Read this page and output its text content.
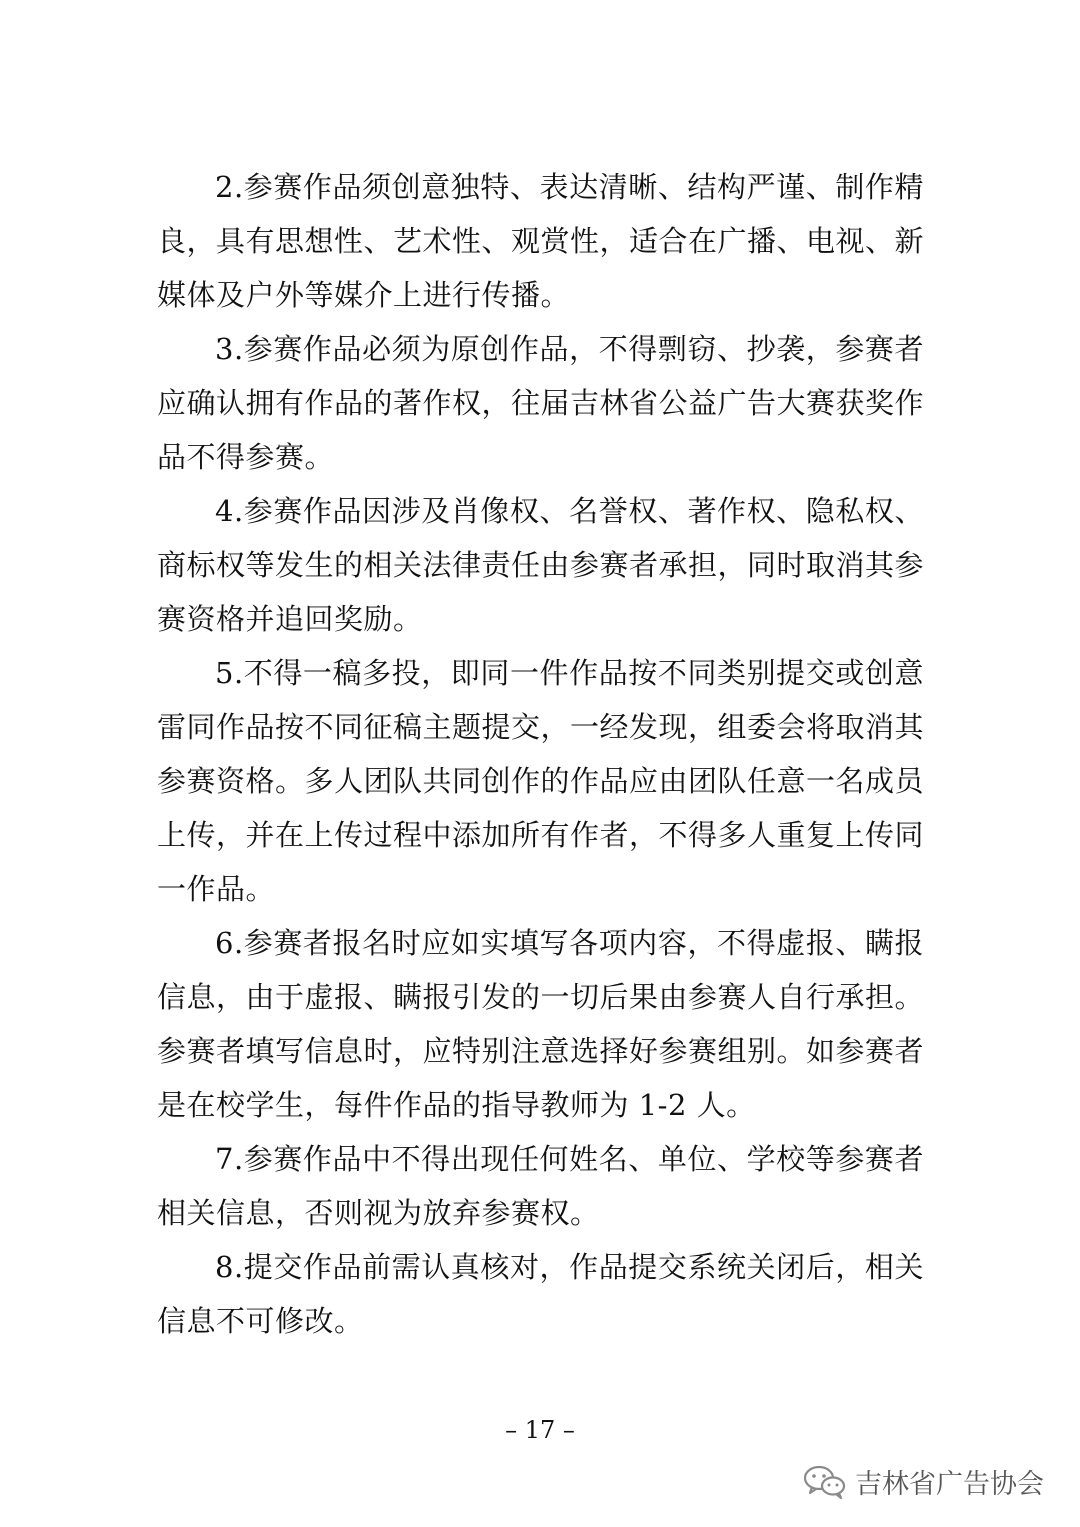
2.参赛作品须创意独特、表达清晰、结构严谨、制作精良，具有思想性、艺术性、观赏性，适合在广播、电视、新媒体及户外等媒介上进行传播。

3.参赛作品必须为原创作品，不得剽窃、抄袭，参赛者应确认拥有作品的著作权，往届吉林省公益广告大赛获奖作品不得参赛。

4.参赛作品因涉及肖像权、名誉权、著作权、隐私权、商标权等发生的相关法律责任由参赛者承担，同时取消其参赛资格并追回奖励。

5.不得一稿多投，即同一件作品按不同类别提交或创意雷同作品按不同征稿主题提交，一经发现，组委会将取消其参赛资格。多人团队共同创作的作品应由团队任意一名成员上传，并在上传过程中添加所有作者，不得多人重复上传同一作品。

6.参赛者报名时应如实填写各项内容，不得虚报、瞒报信息，由于虚报、瞒报引发的一切后果由参赛人自行承担。参赛者填写信息时，应特别注意选择好参赛组别。如参赛者是在校学生，每件作品的指导教师为 1-2 人。

7.参赛作品中不得出现任何姓名、单位、学校等参赛者相关信息，否则视为放弃参赛权。

8.提交作品前需认真核对，作品提交系统关闭后，相关信息不可修改。

– 17 –
吉林省广告协会
